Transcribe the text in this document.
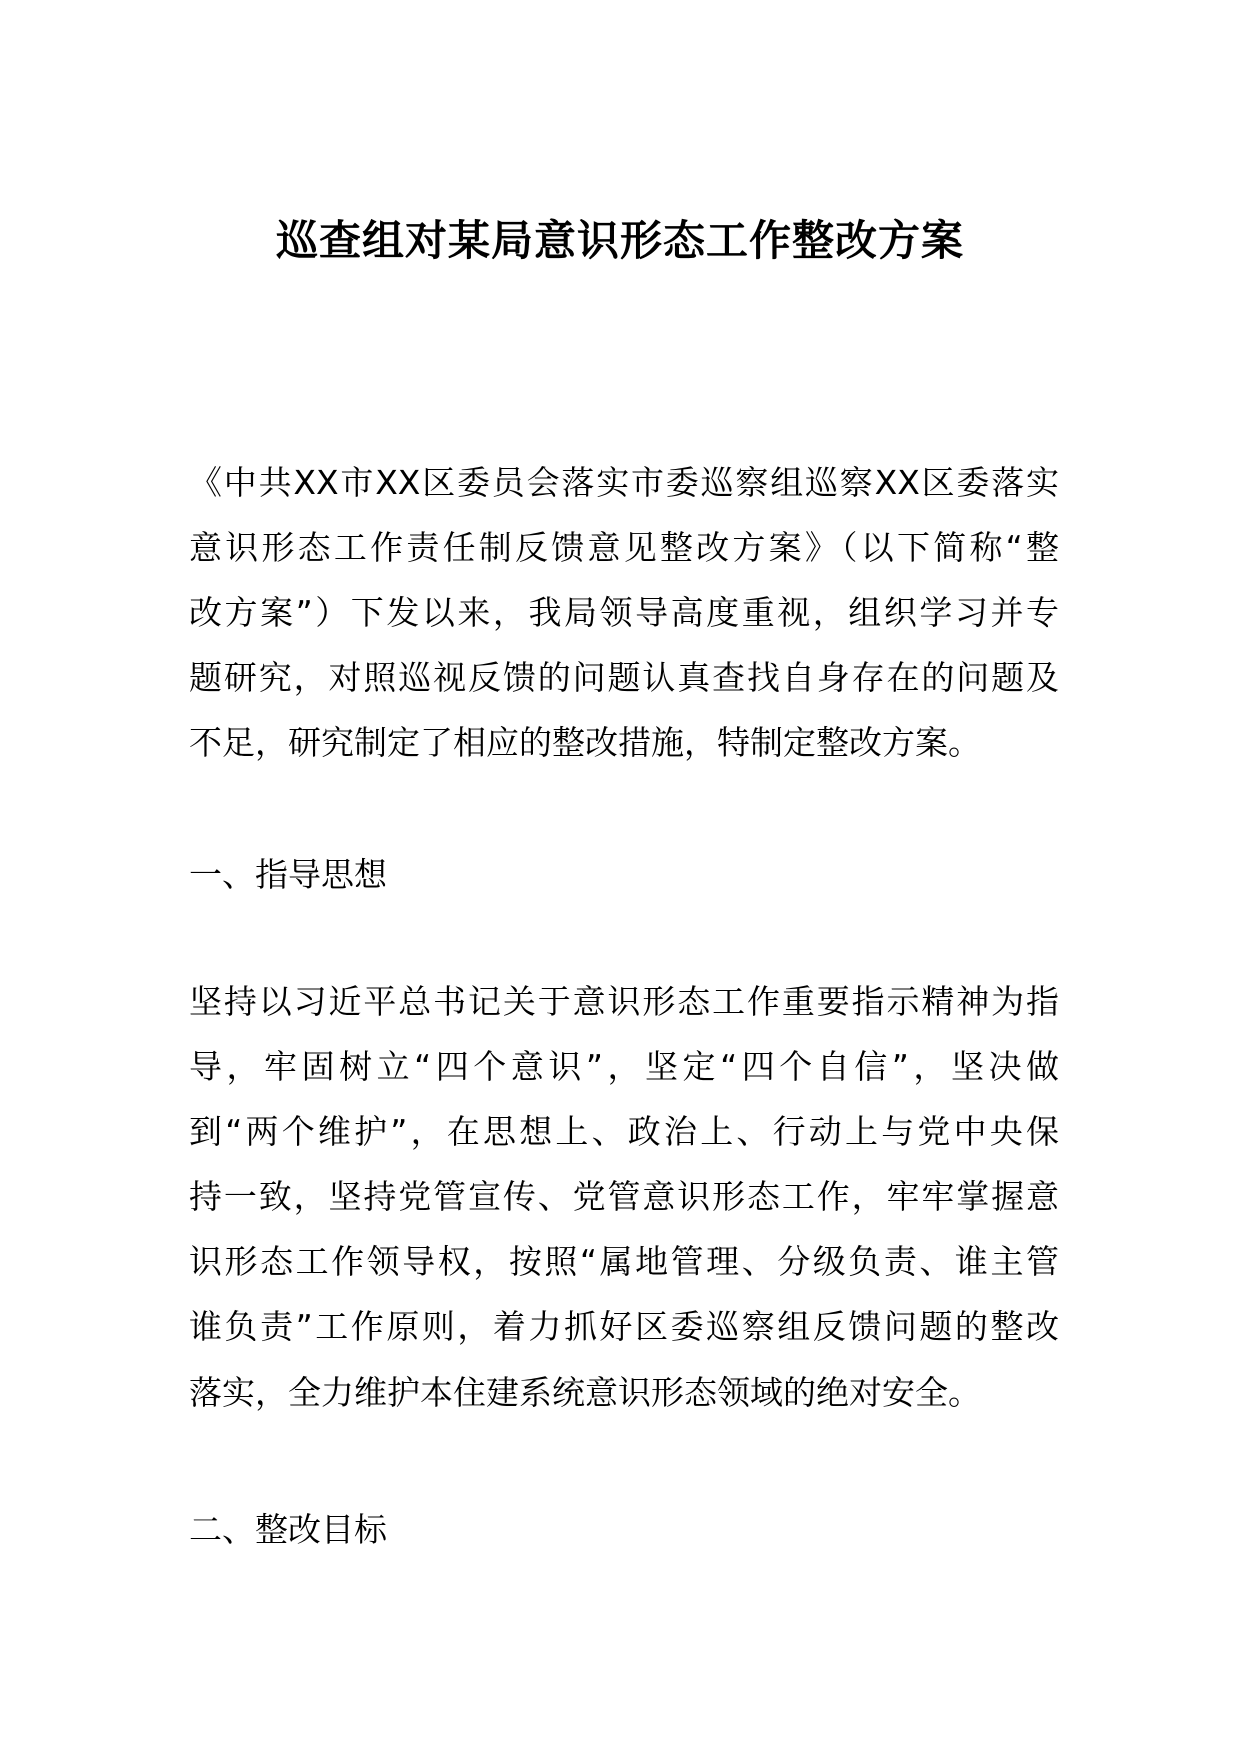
巡查组对某局意识形态工作整改方案
《中共XX市XX区委员会落实市委巡察组巡察XX区委落实
意识形态工作责任制反馈意见整改方案》（以下简称“整
改方案”）下发以来，我局领导高度重视，组织学习并专
题研究，对照巡视反馈的问题认真查找自身存在的问题及
不足，研究制定了相应的整改措施，特制定整改方案。
一、指导思想
坚持以习近平总书记关于意识形态工作重要指示精神为指
导，牢固树立“四个意识”，坚定“四个自信”，坚决做
到“两个维护”，在思想上、政治上、行动上与党中央保
持一致，坚持党管宣传、党管意识形态工作，牢牢掌握意
识形态工作领导权，按照“属地管理、分级负责、谁主管
谁负责”工作原则，着力抓好区委巡察组反馈问题的整改
落实，全力维护本住建系统意识形态领域的绝对安全。
二、整改目标
